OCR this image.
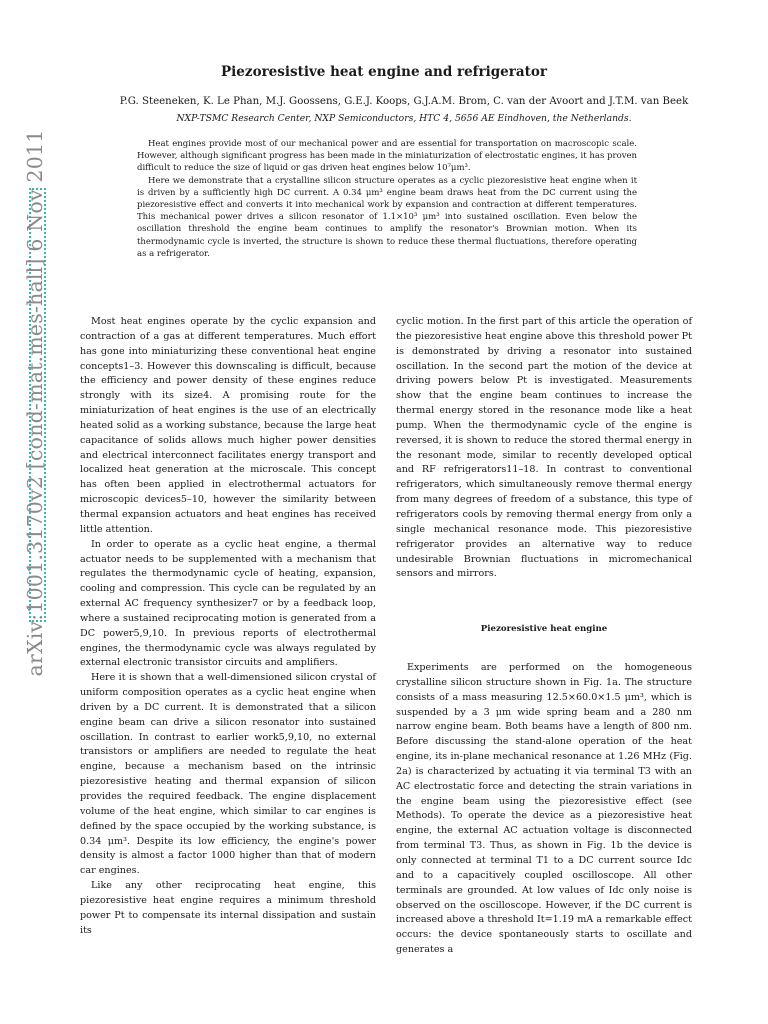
arXiv:1001.3170v2 [cond-mat.mes-hall] 6 Nov 2011
Piezoresistive heat engine and refrigerator
P.G. Steeneken, K. Le Phan, M.J. Goossens, G.E.J. Koops, G.J.A.M. Brom, C. van der Avoort and J.T.M. van Beek
NXP-TSMC Research Center, NXP Semiconductors, HTC 4, 5656 AE Eindhoven, the Netherlands.

Heat engines provide most of our mechanical power and are essential for transportation on macroscopic scale. However, although significant progress has been made in the miniaturization of electrostatic engines, it has proven difficult to reduce the size of liquid or gas driven heat engines below 10⁷μm³.

Here we demonstrate that a crystalline silicon structure operates as a cyclic piezoresistive heat engine when it is driven by a sufficiently high DC current. A 0.34 μm³ engine beam draws heat from the DC current using the piezoresistive effect and converts it into mechanical work by expansion and contraction at different temperatures. This mechanical power drives a silicon resonator of 1.1×10³ μm³ into sustained oscillation. Even below the oscillation threshold the engine beam continues to amplify the resonator's Brownian motion. When its thermodynamic cycle is inverted, the structure is shown to reduce these thermal fluctuations, therefore operating as a refrigerator.

Most heat engines operate by the cyclic expansion and contraction of a gas at different temperatures. Much effort has gone into miniaturizing these conventional heat engine concepts1–3. However this downscaling is difficult, because the efficiency and power density of these engines reduce strongly with its size4. A promising route for the miniaturization of heat engines is the use of an electrically heated solid as a working substance, because the large heat capacitance of solids allows much higher power densities and electrical interconnect facilitates energy transport and localized heat generation at the microscale. This concept has often been applied in electrothermal actuators for microscopic devices5–10, however the similarity between thermal expansion actuators and heat engines has received little attention.

In order to operate as a cyclic heat engine, a thermal actuator needs to be supplemented with a mechanism that regulates the thermodynamic cycle of heating, expansion, cooling and compression. This cycle can be regulated by an external AC frequency synthesizer7 or by a feedback loop, where a sustained reciprocating motion is generated from a DC power5,9,10. In previous reports of electrothermal engines, the thermodynamic cycle was always regulated by external electronic transistor circuits and amplifiers.

Here it is shown that a well-dimensioned silicon crystal of uniform composition operates as a cyclic heat engine when driven by a DC current. It is demonstrated that a silicon engine beam can drive a silicon resonator into sustained oscillation. In contrast to earlier work5,9,10, no external transistors or amplifiers are needed to regulate the heat engine, because a mechanism based on the intrinsic piezoresistive heating and thermal expansion of silicon provides the required feedback. The engine displacement volume of the heat engine, which similar to car engines is defined by the space occupied by the working substance, is 0.34 μm³. Despite its low efficiency, the engine's power density is almost a factor 1000 higher than that of modern car engines.

Like any other reciprocating heat engine, this piezoresistive heat engine requires a minimum threshold power Pt to compensate its internal dissipation and sustain its

cyclic motion. In the first part of this article the operation of the piezoresistive heat engine above this threshold power Pt is demonstrated by driving a resonator into sustained oscillation. In the second part the motion of the device at driving powers below Pt is investigated. Measurements show that the engine beam continues to increase the thermal energy stored in the resonance mode like a heat pump. When the thermodynamic cycle of the engine is reversed, it is shown to reduce the stored thermal energy in the resonant mode, similar to recently developed optical and RF refrigerators11–18. In contrast to conventional refrigerators, which simultaneously remove thermal energy from many degrees of freedom of a substance, this type of refrigerators cools by removing thermal energy from only a single mechanical resonance mode. This piezoresistive refrigerator provides an alternative way to reduce undesirable Brownian fluctuations in micromechanical sensors and mirrors.

Piezoresistive heat engine

Experiments are performed on the homogeneous crystalline silicon structure shown in Fig. 1a. The structure consists of a mass measuring 12.5×60.0×1.5 μm³, which is suspended by a 3 μm wide spring beam and a 280 nm narrow engine beam. Both beams have a length of 800 nm. Before discussing the stand-alone operation of the heat engine, its in-plane mechanical resonance at 1.26 MHz (Fig. 2a) is characterized by actuating it via terminal T3 with an AC electrostatic force and detecting the strain variations in the engine beam using the piezoresistive effect (see Methods). To operate the device as a piezoresistive heat engine, the external AC actuation voltage is disconnected from terminal T3. Thus, as shown in Fig. 1b the device is only connected at terminal T1 to a DC current source Idc and to a capacitively coupled oscilloscope. All other terminals are grounded. At low values of Idc only noise is observed on the oscilloscope. However, if the DC current is increased above a threshold It=1.19 mA a remarkable effect occurs: the device spontaneously starts to oscillate and generates a
